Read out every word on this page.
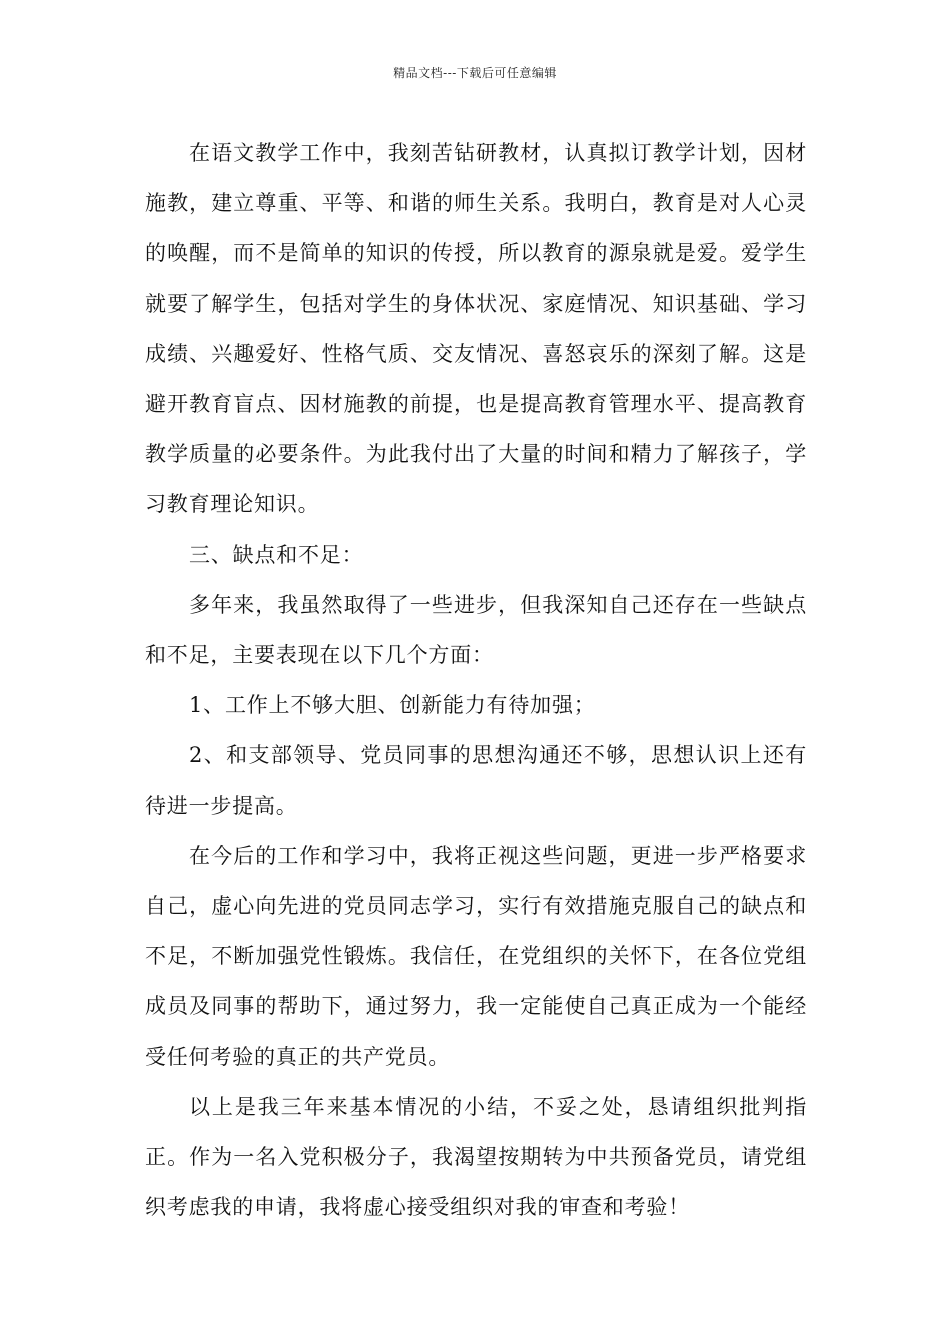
精品文档---下载后可任意编辑

在语文教学工作中，我刻苦钻研教材，认真拟订教学计划，因材施教，建立尊重、平等、和谐的师生关系。我明白，教育是对人心灵的唤醒，而不是简单的知识的传授，所以教育的源泉就是爱。爱学生就要了解学生，包括对学生的身体状况、家庭情况、知识基础、学习成绩、兴趣爱好、性格气质、交友情况、喜怒哀乐的深刻了解。这是避开教育盲点、因材施教的前提，也是提高教育管理水平、提高教育教学质量的必要条件。为此我付出了大量的时间和精力了解孩子，学习教育理论知识。

三、缺点和不足：

多年来，我虽然取得了一些进步，但我深知自己还存在一些缺点和不足，主要表现在以下几个方面：

1、工作上不够大胆、创新能力有待加强；

2、和支部领导、党员同事的思想沟通还不够，思想认识上还有待进一步提高。

在今后的工作和学习中，我将正视这些问题，更进一步严格要求自己，虚心向先进的党员同志学习，实行有效措施克服自己的缺点和不足，不断加强党性锻炼。我信任，在党组织的关怀下，在各位党组成员及同事的帮助下，通过努力，我一定能使自己真正成为一个能经受任何考验的真正的共产党员。

以上是我三年来基本情况的小结，不妥之处，恳请组织批判指正。作为一名入党积极分子，我渴望按期转为中共预备党员，请党组织考虑我的申请，我将虚心接受组织对我的审查和考验！
